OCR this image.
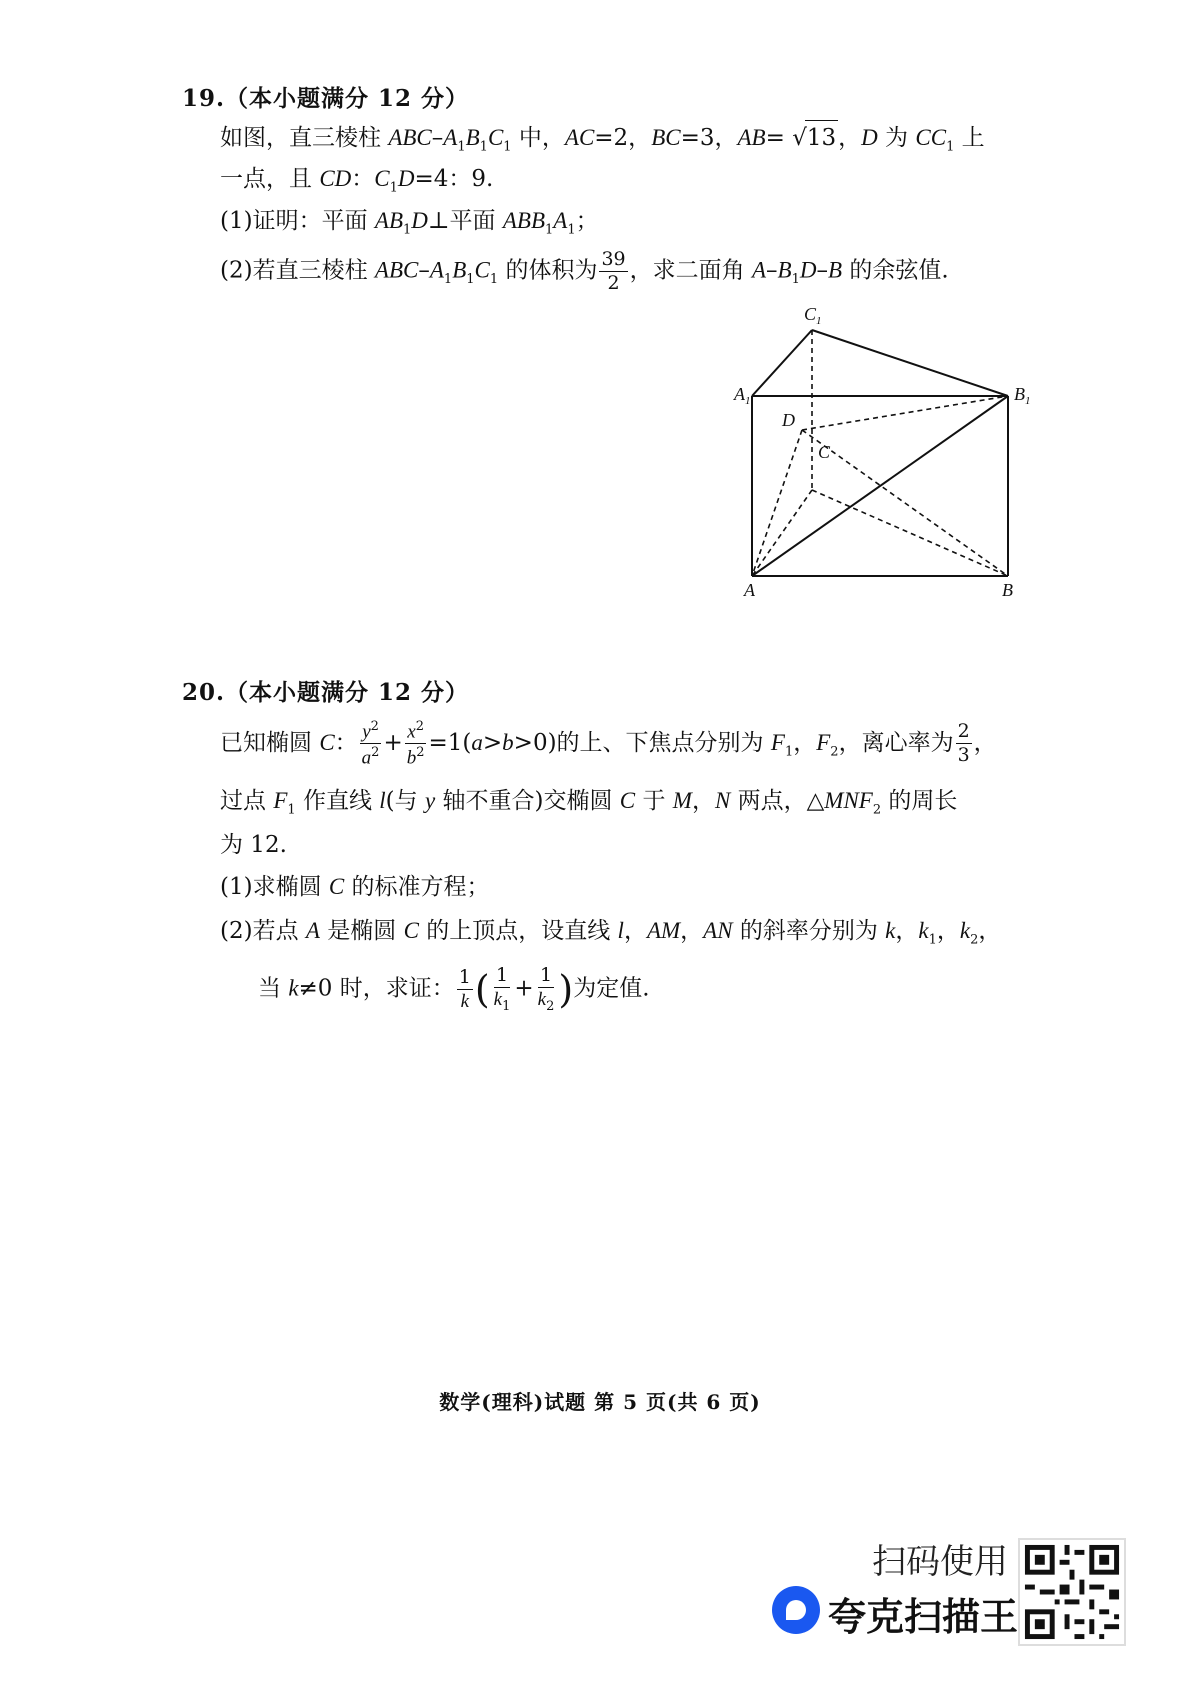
19.（本小题满分 12 分）
如图，直三棱柱 ABC–$A_1B_1C_1$ 中，AC=2，BC=3，AB= √13，D 为 $CC_1$ 上
一点，且 CD：$C_1D=4$：9.
(1)证明：平面 $AB_1D\perp$平面 $ABB_1A_1$；
(2)若直三棱柱 ABC–$A_1B_1C_1$ 的体积为 $\frac{39}{2}$ ，求二面角 $A-B_1D-B$ 的余弦值.
$C_1$
$A_1$	$B_1$
D
C
A	B
20.（本小题满分 12 分）
已知椭圆 C： $\frac{y^2}{a^2} + \frac{x^2}{b^2} =1(a>b>0)$的上、下焦点分别为 $F_1$，$F_2$，离心率为 $\frac{2}{3}$ ，
过点 $F_1$ 作直线 l(与 y 轴不重合)交椭圆 C 于 M，N 两点，$\triangle MNF_2$ 的周长
为 12.
(1)求椭圆 C 的标准方程；
(2)若点 A 是椭圆 C 的上顶点，设直线 l，AM，AN 的斜率分别为 k，$k_1$，$k_2$，
当 k≠0 时，求证： $\frac{1}{k}$ ( $\frac{1}{k_1} + \frac{1}{k_2}$ )为定值.
数学(理科)试题 第 5 页(共 6 页)
扫码使用
夸克扫描王
